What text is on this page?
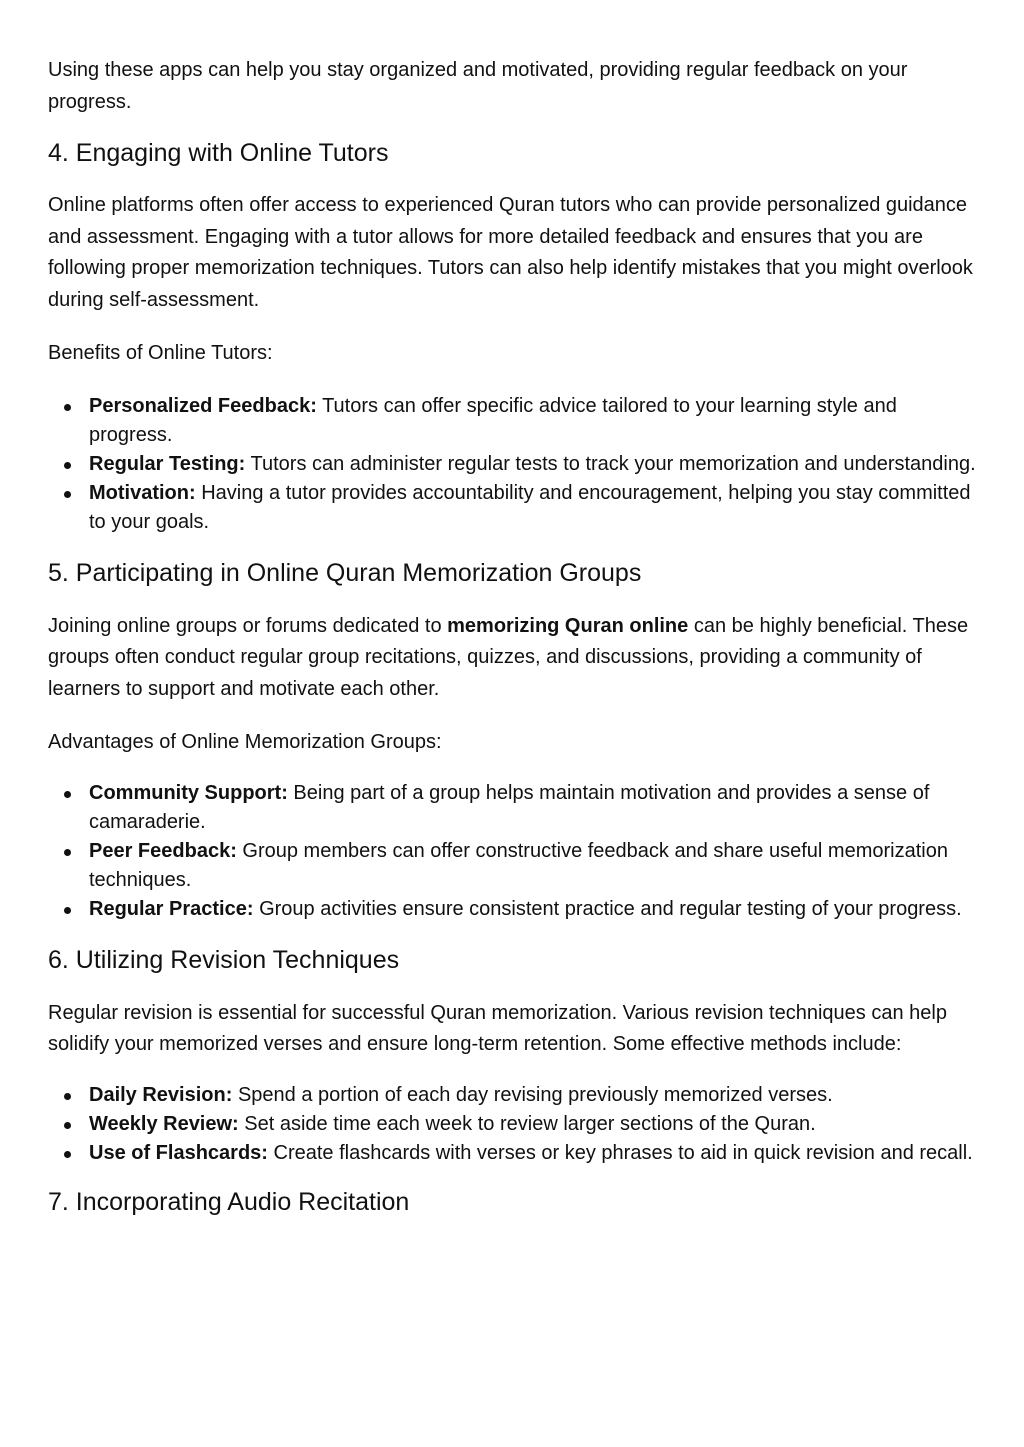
Using these apps can help you stay organized and motivated, providing regular feedback on your progress.

4. Engaging with Online Tutors

Online platforms often offer access to experienced Quran tutors who can provide personalized guidance and assessment. Engaging with a tutor allows for more detailed feedback and ensures that you are following proper memorization techniques. Tutors can also help identify mistakes that you might overlook during self-assessment.

Benefits of Online Tutors:

Personalized Feedback: Tutors can offer specific advice tailored to your learning style and progress.
Regular Testing: Tutors can administer regular tests to track your memorization and understanding.
Motivation: Having a tutor provides accountability and encouragement, helping you stay committed to your goals.
5. Participating in Online Quran Memorization Groups

Joining online groups or forums dedicated to memorizing Quran online can be highly beneficial. These groups often conduct regular group recitations, quizzes, and discussions, providing a community of learners to support and motivate each other.

Advantages of Online Memorization Groups:

Community Support: Being part of a group helps maintain motivation and provides a sense of camaraderie.
Peer Feedback: Group members can offer constructive feedback and share useful memorization techniques.
Regular Practice: Group activities ensure consistent practice and regular testing of your progress.
6. Utilizing Revision Techniques

Regular revision is essential for successful Quran memorization. Various revision techniques can help solidify your memorized verses and ensure long-term retention. Some effective methods include:

Daily Revision: Spend a portion of each day revising previously memorized verses.
Weekly Review: Set aside time each week to review larger sections of the Quran.
Use of Flashcards: Create flashcards with verses or key phrases to aid in quick revision and recall.
7. Incorporating Audio Recitation
